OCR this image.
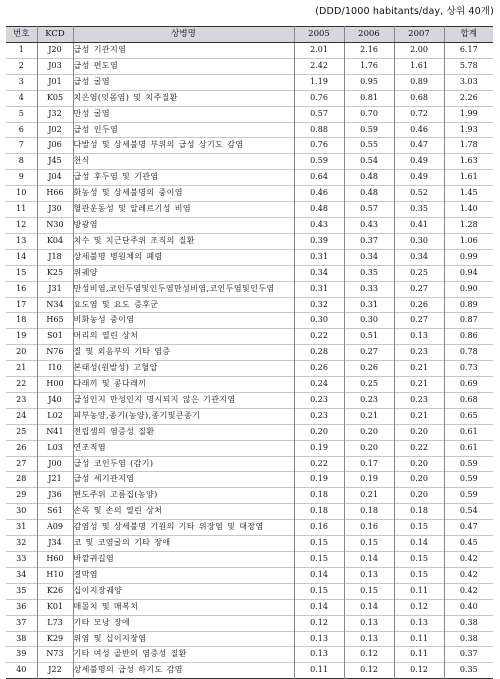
(DDD/1000 habitants/day, 상위 40개)
번호	KCD	상병명	2005	2006	2007	합계
1	J20	급성 기관지염	2.01	2.16	2.00	6.17
2	J03	급성 편도염	2.42	1.76	1.61	5.78
3	J01	급성 굴염	1.19	0.95	0.89	3.03
4	K05	치은염(잇몸염) 및 치주질환	0.76	0.81	0.68	2.26
5	J32	만성 굴염	0.57	0.70	0.72	1.99
6	J02	급성 인두염	0.88	0.59	0.46	1.93
7	J06	다발성 및 상세불명 부위의 급성 상기도 감염	0.76	0.55	0.47	1.78
8	J45	천식	0.59	0.54	0.49	1.63
9	J04	급성 후두염 및 기관염	0.64	0.48	0.49	1.61
10	H66	화농성 및 상세불명의 중이염	0.46	0.48	0.52	1.45
11	J30	혈관운동성 및 알레르기성 비염	0.48	0.57	0.35	1.40
12	N30	방광염	0.43	0.43	0.41	1.28
13	K04	치수 및 치근단주위 조직의 질환	0.39	0.37	0.30	1.06
14	J18	상세불명 병원체의 폐렴	0.31	0.34	0.34	0.99
15	K25	위궤양	0.34	0.35	0.25	0.94
16	J31	만성비염,코인두염및인두염만성비염,코인두염및인두염	0.31	0.33	0.27	0.90
17	N34	요도염 및 요도 증후군	0.32	0.31	0.26	0.89
18	H65	비화농성 중이염	0.30	0.30	0.27	0.87
19	S01	머리의 열린 상처	0.22	0.51	0.13	0.86
20	N76	질 및 외음부의 기타 염증	0.28	0.27	0.23	0.78
21	I10	본태성(원발성) 고혈압	0.26	0.26	0.21	0.73
22	H00	다래끼 및 콩다래끼	0.24	0.25	0.21	0.69
23	J40	급성인지 만성인지 명시되지 않은 기관지염	0.23	0.23	0.23	0.68
24	L02	피부농양,종기(농양),종기및큰종기	0.23	0.21	0.21	0.65
25	N41	전립샘의 염증성 질환	0.20	0.20	0.20	0.61
26	L03	연조직염	0.19	0.20	0.22	0.61
27	J00	급성 코인두염 (감기)	0.22	0.17	0.20	0.59
28	J21	급성 세기관지염	0.19	0.19	0.20	0.59
29	J36	편도주위 고름집(농양)	0.18	0.21	0.20	0.59
30	S61	손목 및 손의 열린 상처	0.18	0.18	0.18	0.54
31	A09	감염성 및 상세불명 기원의 기타 위장염 및 대장염	0.16	0.16	0.15	0.47
32	J34	코 및 코옆굴의 기타 장애	0.15	0.15	0.14	0.45
33	H60	바깥귀길염	0.15	0.14	0.15	0.42
34	H10	결막염	0.14	0.13	0.15	0.42
35	K26	십이지장궤양	0.15	0.15	0.11	0.42
36	K01	매몰치 및 매복치	0.14	0.14	0.12	0.40
37	L73	기타 모낭 장애	0.12	0.13	0.13	0.38
38	K29	위염 및 십이지장염	0.13	0.13	0.11	0.38
39	N73	기타 여성 골반의 염증성 질환	0.13	0.12	0.11	0.37
40	J22	상세불명의 급성 하기도 감염	0.11	0.12	0.12	0.35
